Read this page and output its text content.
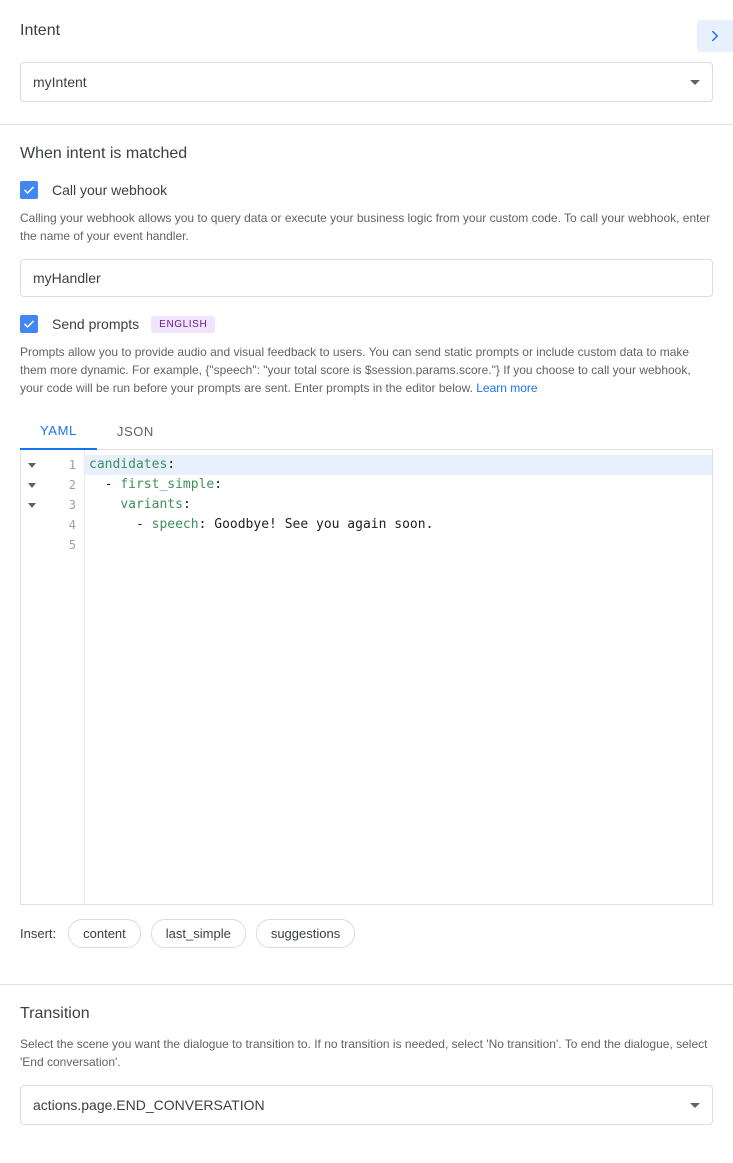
Intent
myIntent
When intent is matched
Call your webhook

Calling your webhook allows you to query data or execute your business logic from your custom code. To call your webhook, enter the name of your event handler.

myHandler
Send prompts	ENGLISH

Prompts allow you to provide audio and visual feedback to users. You can send static prompts or include custom data to make them more dynamic. For example, {"speech": "your total score is $session.params.score."} If you choose to call your webhook, your code will be run before your prompts are sent. Enter prompts in the editor below. Learn more

YAML	JSON
1
2
3
4
5
candidates:
- first_simple:
variants:
- speech: Goodbye! See you again soon.
Insert:	content	last_simple	suggestions
Transition

Select the scene you want the dialogue to transition to. If no transition is needed, select 'No transition'. To end the dialogue, select 'End conversation'.

actions.page.END_CONVERSATION
